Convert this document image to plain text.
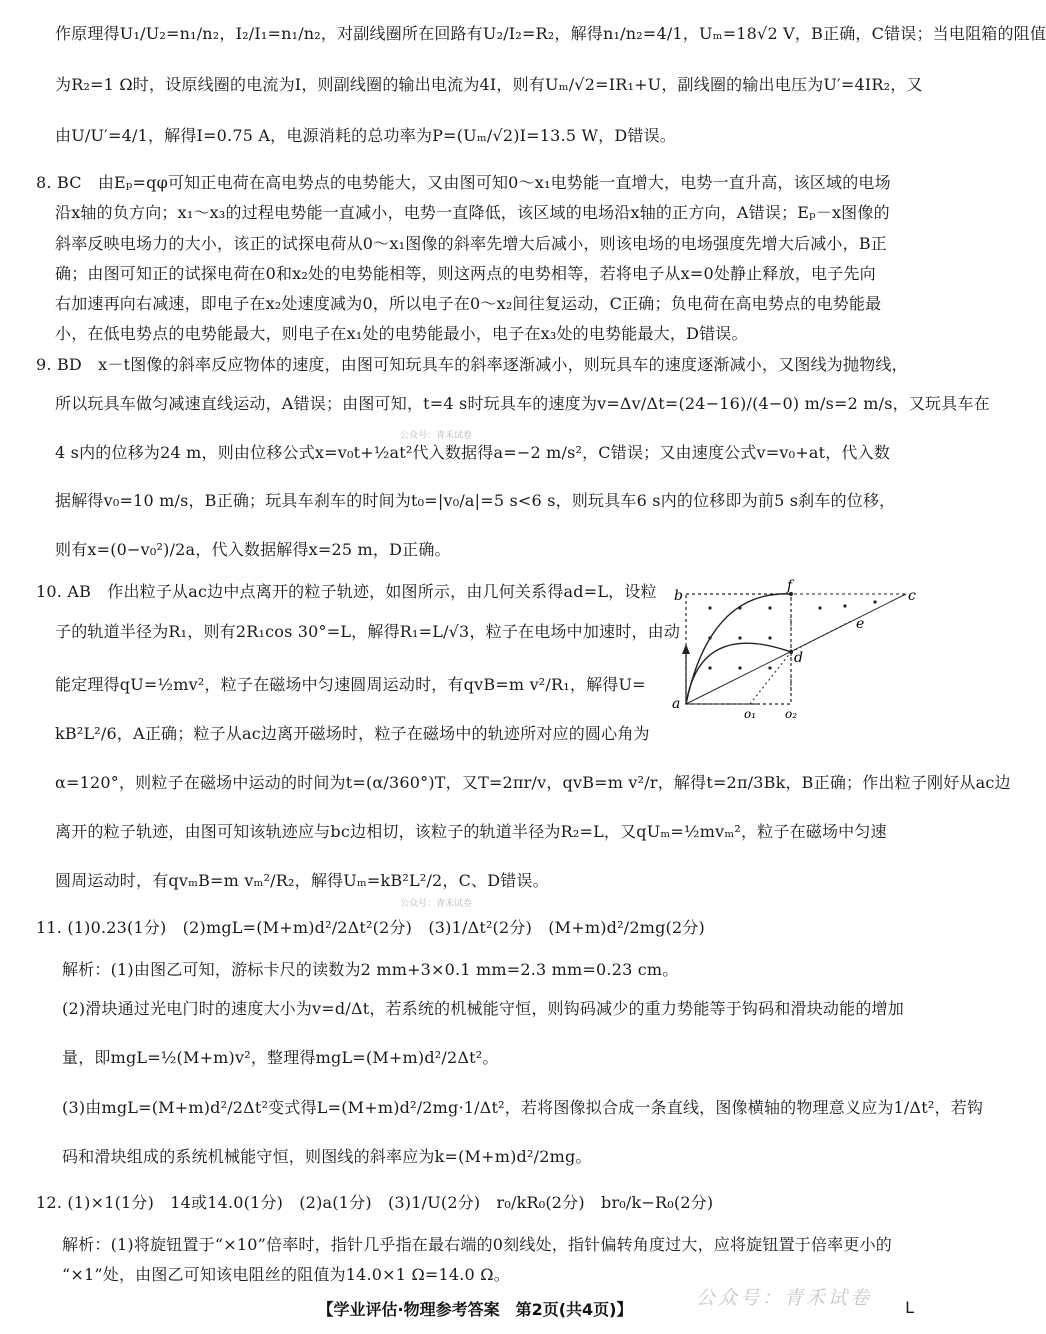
作原理得U₁/U₂=n₁/n₂，I₂/I₁=n₁/n₂，对副线圈所在回路有U₂/I₂=R₂，解得n₁/n₂=4/1，Uₘ=18√2 V，B正确，C错误；当电阻箱的阻值
为R₂=1 Ω时，设原线圈的电流为I，则副线圈的输出电流为4I，则有Uₘ/√2=IR₁+U，副线圈的输出电压为U′=4IR₂，又
由U/U′=4/1，解得I=0.75 A，电源消耗的总功率为P=(Uₘ/√2)I=13.5 W，D错误。
8. BC　由Eₚ=qφ可知正电荷在高电势点的电势能大，又由图可知0～x₁电势能一直增大，电势一直升高，该区域的电场
沿x轴的负方向；x₁～x₃的过程电势能一直减小，电势一直降低，该区域的电场沿x轴的正方向，A错误；Eₚ－x图像的
斜率反映电场力的大小，该正的试探电荷从0～x₁图像的斜率先增大后减小，则该电场的电场强度先增大后减小，B正
确；由图可知正的试探电荷在0和x₂处的电势能相等，则这两点的电势相等，若将电子从x=0处静止释放，电子先向
右加速再向右减速，即电子在x₂处速度减为0，所以电子在0～x₂间往复运动，C正确；负电荷在高电势点的电势能最
小，在低电势点的电势能最大，则电子在x₁处的电势能最小，电子在x₃处的电势能最大，D错误。
9. BD　x－t图像的斜率反应物体的速度，由图可知玩具车的斜率逐渐减小，则玩具车的速度逐渐减小，又图线为抛物线，
所以玩具车做匀减速直线运动，A错误；由图可知，t=4 s时玩具车的速度为v=Δv/Δt=(24−16)/(4−0) m/s=2 m/s，又玩具车在
公众号：青禾试卷
4 s内的位移为24 m，则由位移公式x=v₀t+½at²代入数据得a=−2 m/s²，C错误；又由速度公式v=v₀+at，代入数
据解得v₀=10 m/s，B正确；玩具车刹车的时间为t₀=|v₀/a|=5 s<6 s，则玩具车6 s内的位移即为前5 s刹车的位移，
则有x=(0−v₀²)/2a，代入数据解得x=25 m，D正确。
10. AB　作出粒子从ac边中点离开的粒子轨迹，如图所示，由几何关系得ad=L，设粒
子的轨道半径为R₁，则有2R₁cos 30°=L，解得R₁=L/√3，粒子在电场中加速时，由动
能定理得qU=½mv²，粒子在磁场中匀速圆周运动时，有qvB=m v²/R₁，解得U=
kB²L²/6，A正确；粒子从ac边离开磁场时，粒子在磁场中的轨迹所对应的圆心角为
α=120°，则粒子在磁场中运动的时间为t=(α/360°)T，又T=2πr/v，qvB=m v²/r，解得t=2π/3Bk，B正确；作出粒子刚好从ac边
离开的粒子轨迹，由图可知该轨迹应与bc边相切，该粒子的轨道半径为R₂=L，又qUₘ=½mvₘ²，粒子在磁场中匀速
圆周运动时，有qvₘB=m vₘ²/R₂，解得Uₘ=kB²L²/2，C、D错误。
公众号：青禾试卷
11. (1)0.23(1分)　(2)mgL=(M+m)d²/2Δt²(2分)　(3)1/Δt²(2分)　(M+m)d²/2mg(2分)
解析：(1)由图乙可知，游标卡尺的读数为2 mm+3×0.1 mm=2.3 mm=0.23 cm。
(2)滑块通过光电门时的速度大小为v=d/Δt，若系统的机械能守恒，则钩码减少的重力势能等于钩码和滑块动能的增加
量，即mgL=½(M+m)v²，整理得mgL=(M+m)d²/2Δt²。
(3)由mgL=(M+m)d²/2Δt²变式得L=(M+m)d²/2mg·1/Δt²，若将图像拟合成一条直线，图像横轴的物理意义应为1/Δt²，若钩
码和滑块组成的系统机械能守恒，则图线的斜率应为k=(M+m)d²/2mg。
12. (1)×1(1分)　14或14.0(1分)　(2)a(1分)　(3)1/U(2分)　r₀/kR₀(2分)　br₀/k−R₀(2分)
解析：(1)将旋钮置于“×10”倍率时，指针几乎指在最右端的0刻线处，指针偏转角度过大，应将旋钮置于倍率更小的
“×1”处，由图乙可知该电阻丝的阻值为14.0×1 Ω=14.0 Ω。
b
f
c
e
d
a
o₁ o₂
公众号：青禾试卷
【学业评估·物理参考答案　第2页(共4页)】	L
